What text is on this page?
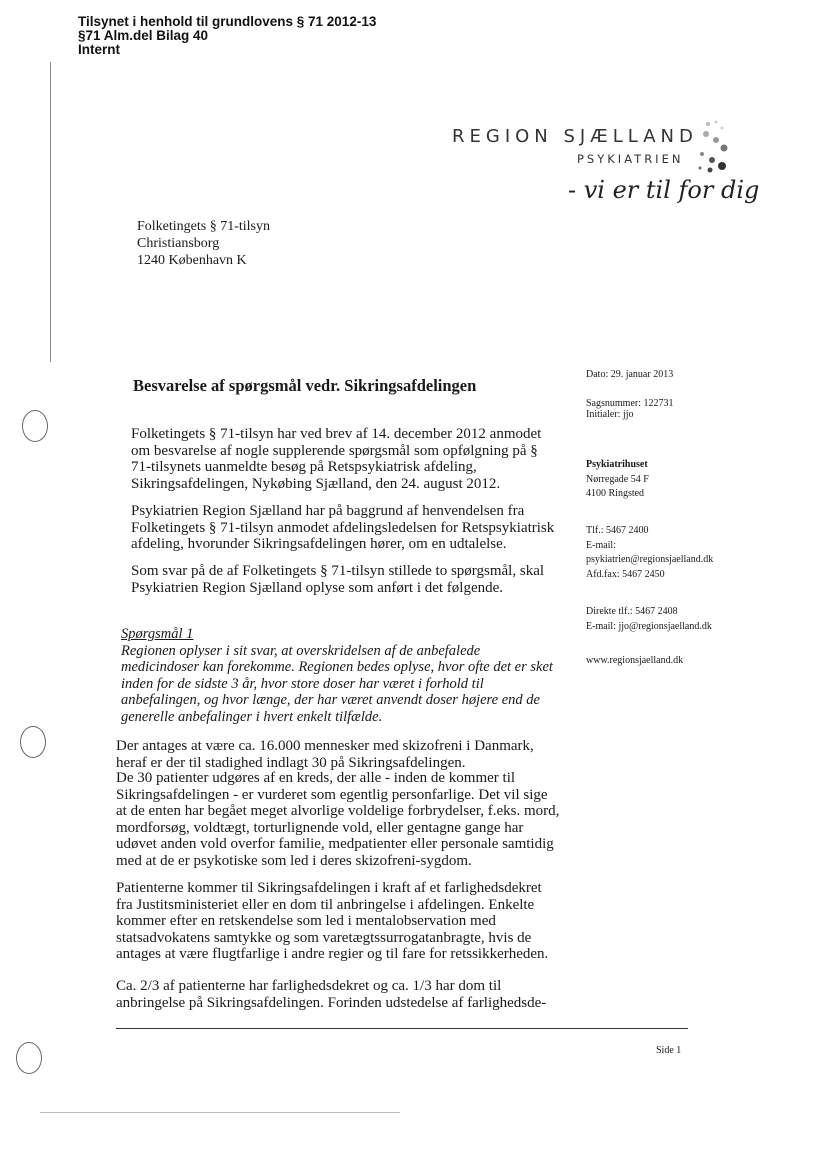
Tilsynet i henhold til grundlovens § 71 2012-13
§71 Alm.del Bilag 40
Internt
REGION SJÆLLAND
PSYKIATRIEN
- vi er til for dig
Folketingets § 71-tilsyn
Christiansborg
1240 København K
Besvarelse af spørgsmål vedr. Sikringsafdelingen

Folketingets § 71-tilsyn har ved brev af 14. december 2012 anmodet om besvarelse af nogle supplerende spørgsmål som opfølgning på § 71-tilsynets uanmeldte besøg på Retspsykiatrisk afdeling, Sikringsafdelingen, Nykøbing Sjælland, den 24. august 2012.

Psykiatrien Region Sjælland har på baggrund af henvendelsen fra Folketingets § 71-tilsyn anmodet afdelingsledelsen for Retspsykiatrisk afdeling, hvorunder Sikringsafdelingen hører, om en udtalelse.

Som svar på de af Folketingets § 71-tilsyn stillede to spørgsmål, skal Psykiatrien Region Sjælland oplyse som anført i det følgende.

Spørgsmål 1
Regionen oplyser i sit svar, at overskridelsen af de anbefalede medicindoser kan forekomme. Regionen bedes oplyse, hvor ofte det er sket inden for de sidste 3 år, hvor store doser har været i forhold til anbefalingen, og hvor længe, der har været anvendt doser højere end de generelle anbefalinger i hvert enkelt tilfælde.

Der antages at være ca. 16.000 mennesker med skizofreni i Danmark, heraf er der til stadighed indlagt 30 på Sikringsafdelingen.

De 30 patienter udgøres af en kreds, der alle - inden de kommer til Sikringsafdelingen - er vurderet som egentlig personfarlige. Det vil sige at de enten har begået meget alvorlige voldelige forbrydelser, f.eks. mord, mordforsøg, voldtægt, torturlignende vold, eller gentagne gange har udøvet anden vold overfor familie, medpatienter eller personale samtidig med at de er psykotiske som led i deres skizofreni-sygdom.

Patienterne kommer til Sikringsafdelingen i kraft af et farlighedsdekret fra Justitsministeriet eller en dom til anbringelse i afdelingen. Enkelte kommer efter en retskendelse som led i mentalobservation med statsadvokatens samtykke og som varetægtssurrogatanbragte, hvis de antages at være flugtfarlige i andre regier og til fare for retssikkerheden.

Ca. 2/3 af patienterne har farlighedsdekret og ca. 1/3 har dom til anbringelse på Sikringsafdelingen. Forinden udstedelse af farlighedsde-

Dato: 29. januar 2013
Sagsnummer: 122731
Initialer: jjo
Psykiatrihuset
Nørregade 54 F
4100 Ringsted
Tlf.: 5467 2400
E-mail:
psykiatrien@regionsjaelland.dk
Afd.fax: 5467 2450
Direkte tlf.: 5467 2408
E-mail: jjo@regionsjaelland.dk
www.regionsjaelland.dk
Side 1
